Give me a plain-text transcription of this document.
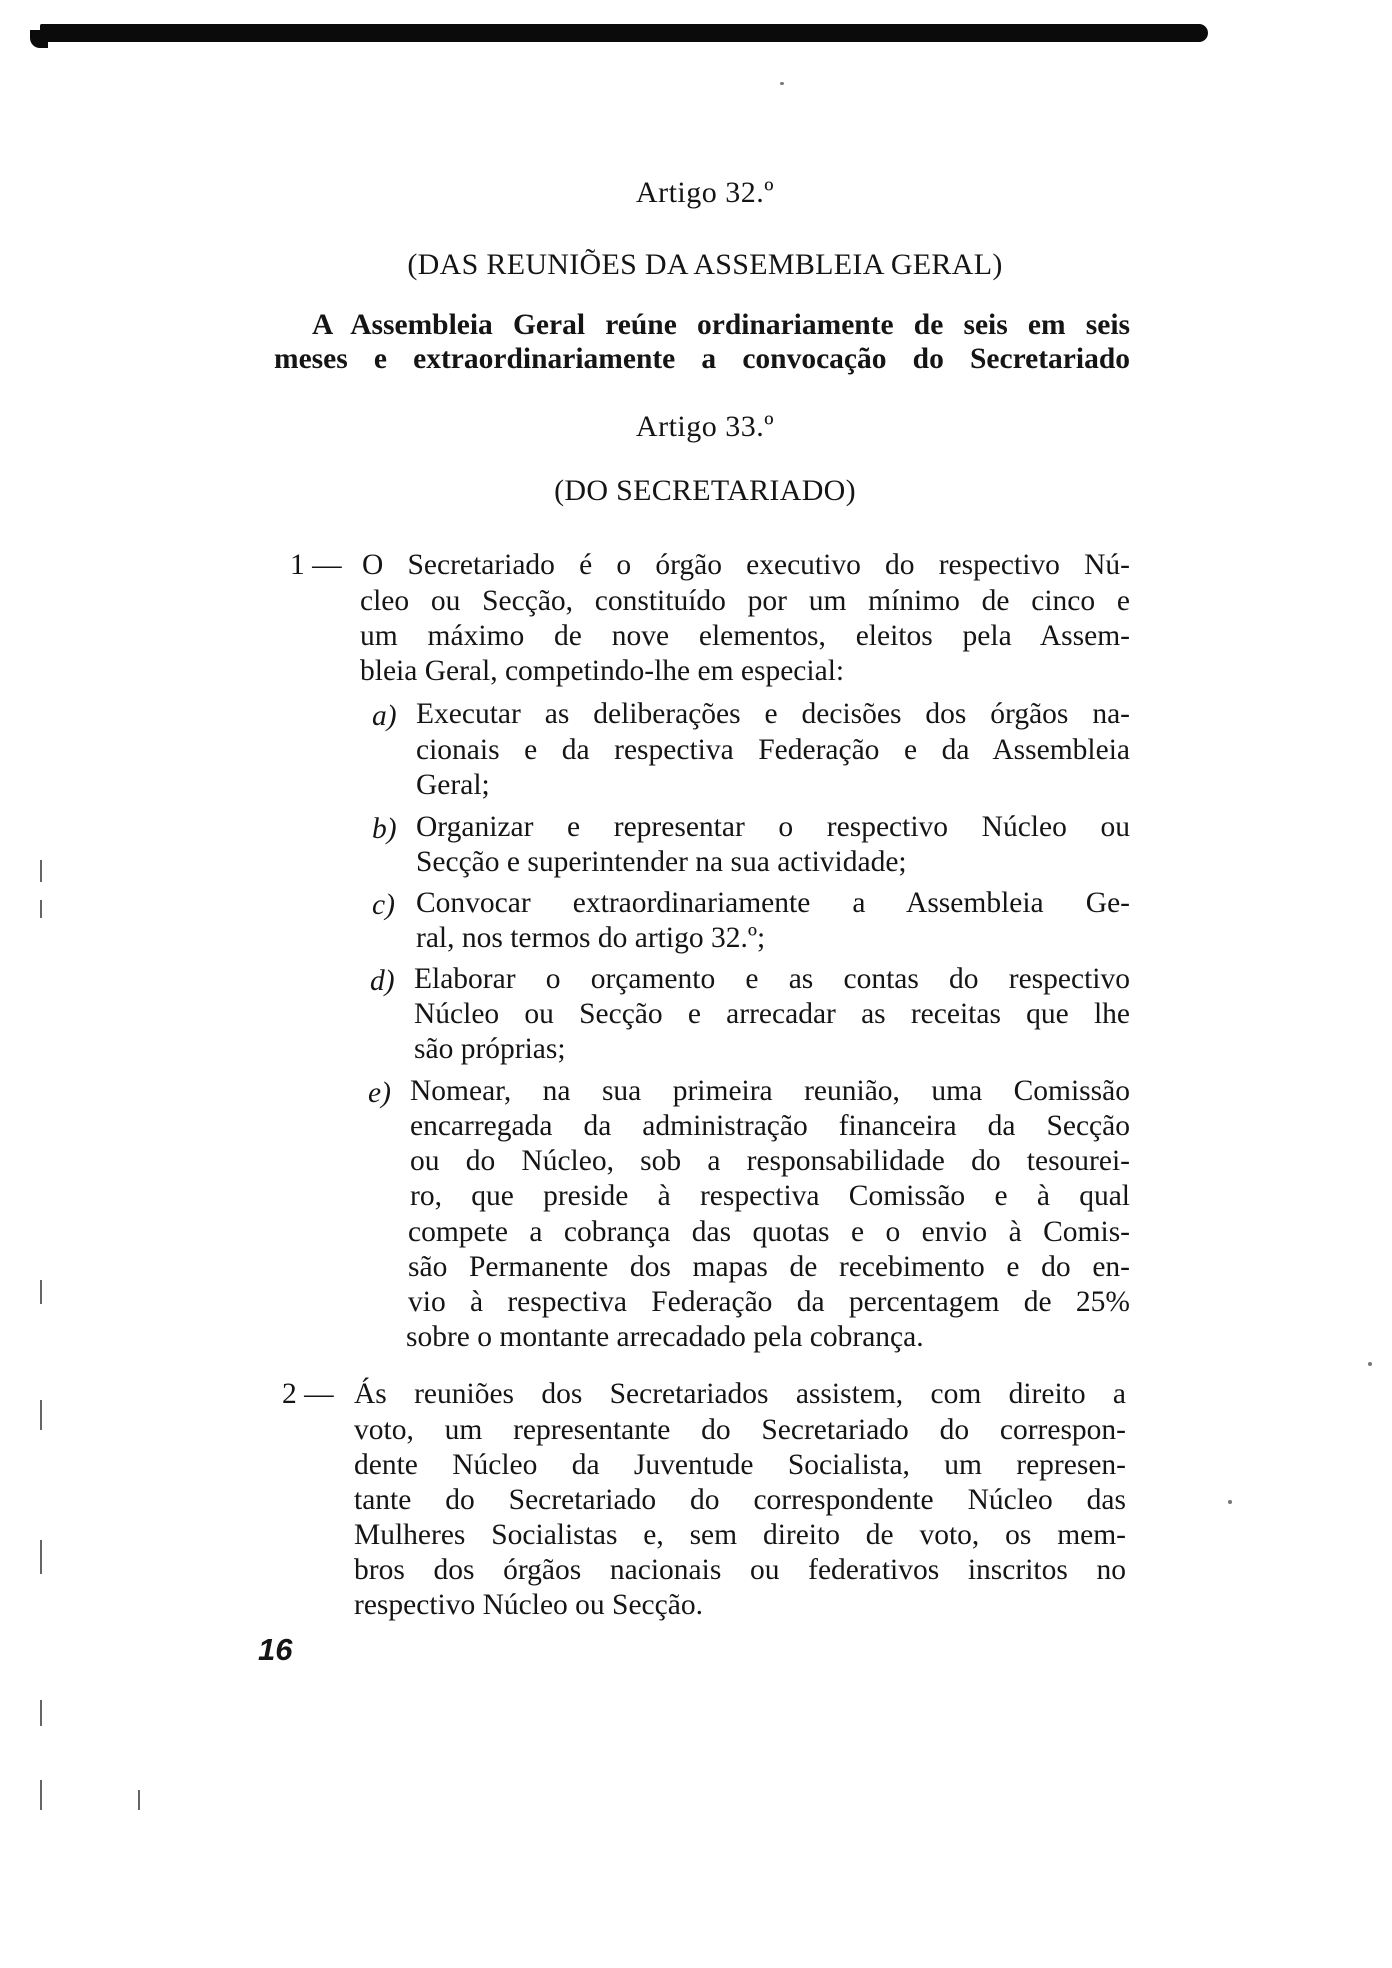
Artigo 32.º
(DAS REUNIÕES DA ASSEMBLEIA GERAL)
A Assembleia Geral reúne ordinariamente de seis em seis
meses e extraordinariamente a convocação do Secretariado
Artigo 33.º
(DO SECRETARIADO)
1 — O Secretariado é o órgão executivo do respectivo Nú-
cleo ou Secção, constituído por um mínimo de cinco e
um máximo de nove elementos, eleitos pela Assem-
bleia Geral, competindo-lhe em especial:
a) Executar as deliberações e decisões dos órgãos na-
cionais e da respectiva Federação e da Assembleia
Geral;
b) Organizar e representar o respectivo Núcleo ou
Secção e superintender na sua actividade;
c) Convocar extraordinariamente a Assembleia Ge-
ral, nos termos do artigo 32.º;
d) Elaborar o orçamento e as contas do respectivo
Núcleo ou Secção e arrecadar as receitas que lhe
são próprias;
e) Nomear, na sua primeira reunião, uma Comissão
encarregada da administração financeira da Secção
ou do Núcleo, sob a responsabilidade do tesourei-
ro, que preside à respectiva Comissão e à qual
compete a cobrança das quotas e o envio à Comis-
são Permanente dos mapas de recebimento e do en-
vio à respectiva Federação da percentagem de 25%
sobre o montante arrecadado pela cobrança.
2 — Ás reuniões dos Secretariados assistem, com direito a
voto, um representante do Secretariado do correspon-
dente Núcleo da Juventude Socialista, um represen-
tante do Secretariado do correspondente Núcleo das
Mulheres Socialistas e, sem direito de voto, os mem-
bros dos órgãos nacionais ou federativos inscritos no
respectivo Núcleo ou Secção.
16
